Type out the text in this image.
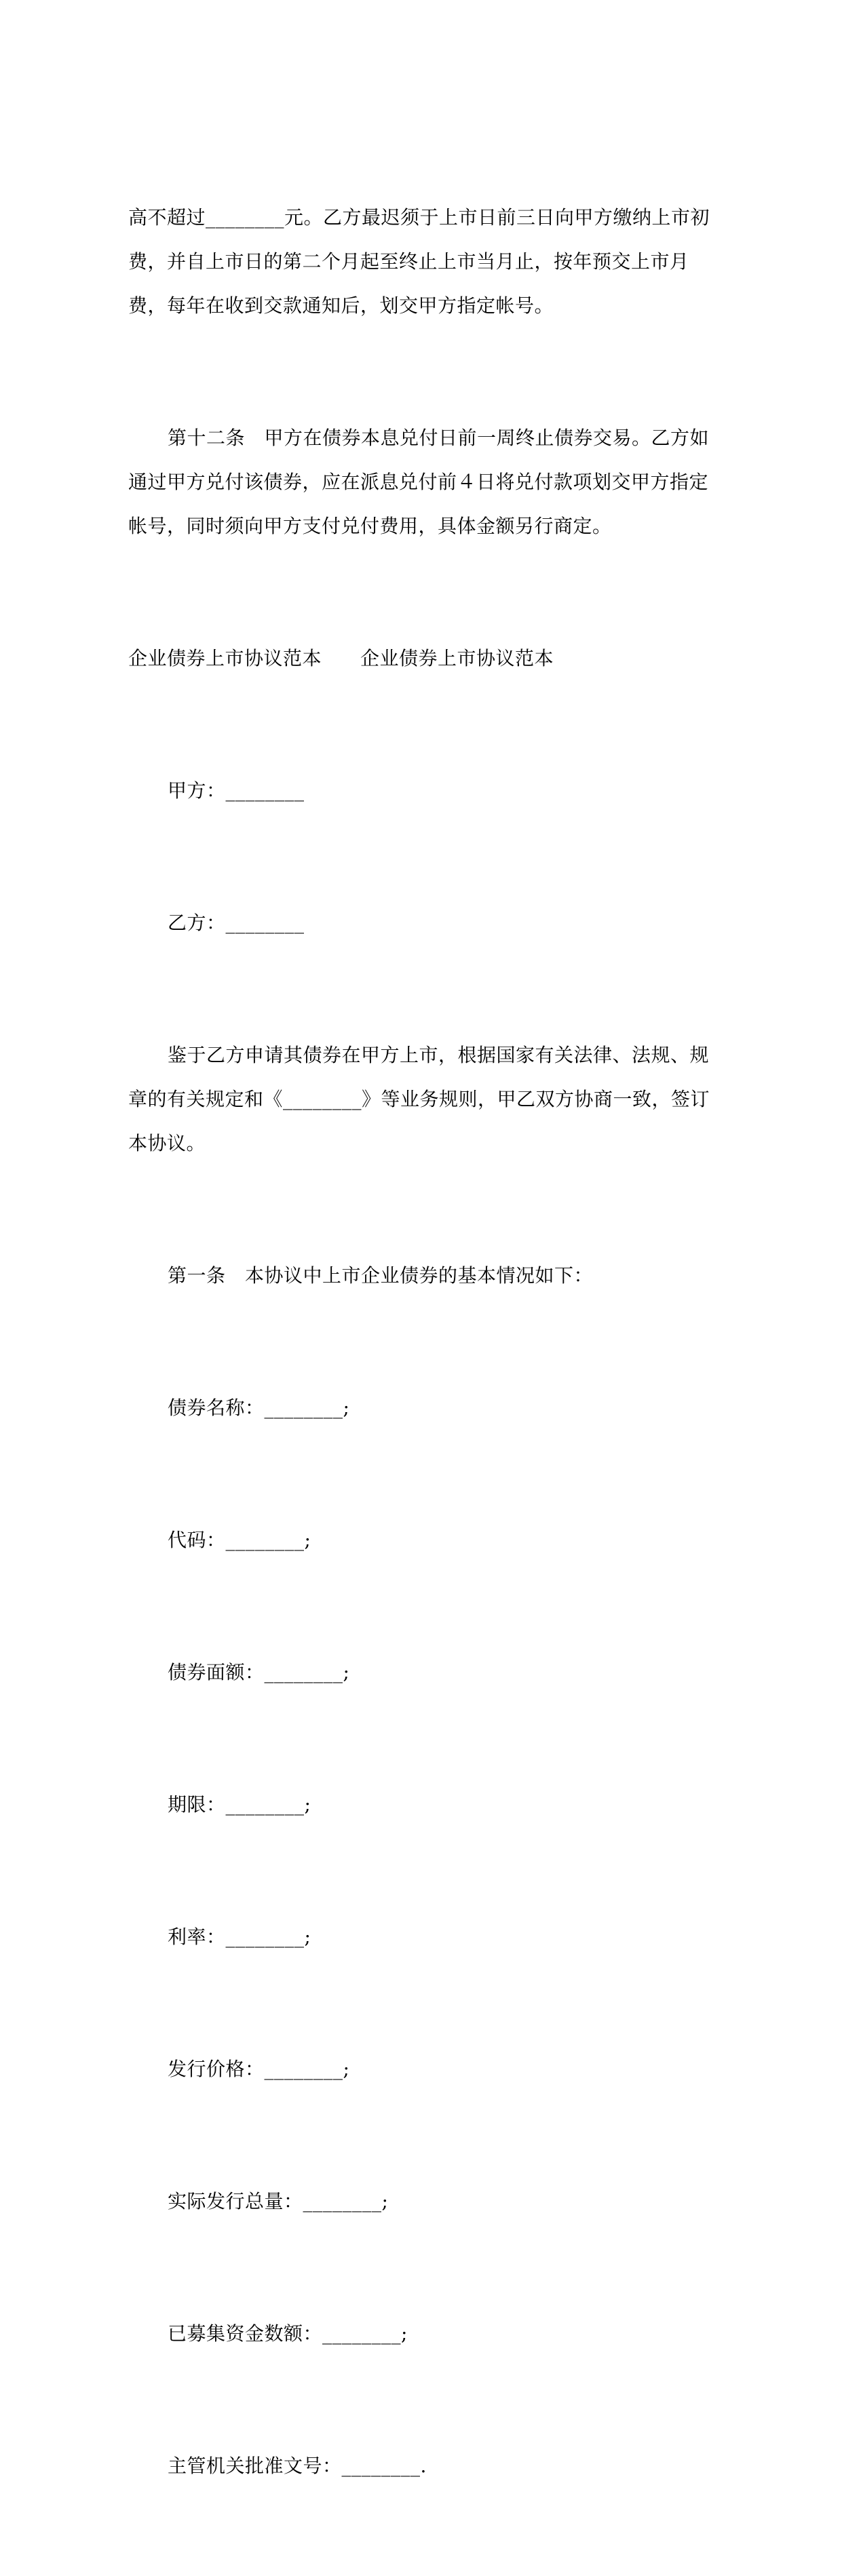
高不超过________元。乙方最迟须于上市日前三日向甲方缴纳上市初费，并自上市日的第二个月起至终止上市当月止，按年预交上市月费，每年在收到交款通知后，划交甲方指定帐号。

第十二条　甲方在债券本息兑付日前一周终止债券交易。乙方如通过甲方兑付该债券，应在派息兑付前４日将兑付款项划交甲方指定帐号，同时须向甲方支付兑付费用，具体金额另行商定。

企业债券上市协议范本　　企业债券上市协议范本

甲方：________

乙方：________

鉴于乙方申请其债券在甲方上市，根据国家有关法律、法规、规章的有关规定和《________》等业务规则，甲乙双方协商一致，签订本协议。

第一条　本协议中上市企业债券的基本情况如下：

债券名称：________;

代码：________;

债券面额：________;

期限：________;

利率：________;

发行价格：________;

实际发行总量：________;

已募集资金数额：________;

主管机关批准文号：________.
